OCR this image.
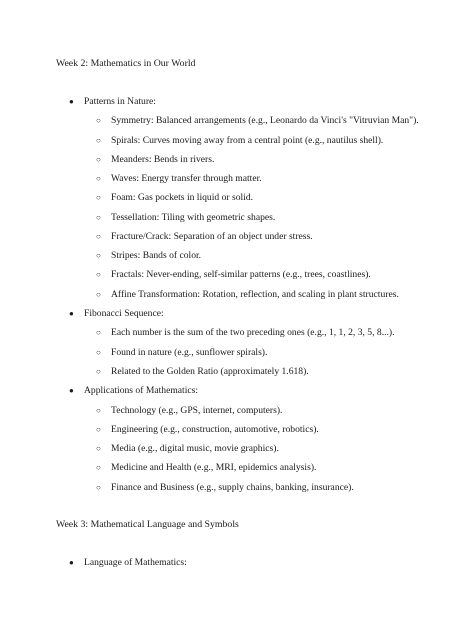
Week 2: Mathematics in Our World
● Patterns in Nature:
○ Symmetry: Balanced arrangements (e.g., Leonardo da Vinci's "Vitruvian Man").
○ Spirals: Curves moving away from a central point (e.g., nautilus shell).
○ Meanders: Bends in rivers.
○ Waves: Energy transfer through matter.
○ Foam: Gas pockets in liquid or solid.
○ Tessellation: Tiling with geometric shapes.
○ Fracture/Crack: Separation of an object under stress.
○ Stripes: Bands of color.
○ Fractals: Never-ending, self-similar patterns (e.g., trees, coastlines).
○ Affine Transformation: Rotation, reflection, and scaling in plant structures.
● Fibonacci Sequence:
○ Each number is the sum of the two preceding ones (e.g., 1, 1, 2, 3, 5, 8...).
○ Found in nature (e.g., sunflower spirals).
○ Related to the Golden Ratio (approximately 1.618).
● Applications of Mathematics:
○ Technology (e.g., GPS, internet, computers).
○ Engineering (e.g., construction, automotive, robotics).
○ Media (e.g., digital music, movie graphics).
○ Medicine and Health (e.g., MRI, epidemics analysis).
○ Finance and Business (e.g., supply chains, banking, insurance).
Week 3: Mathematical Language and Symbols
● Language of Mathematics:
